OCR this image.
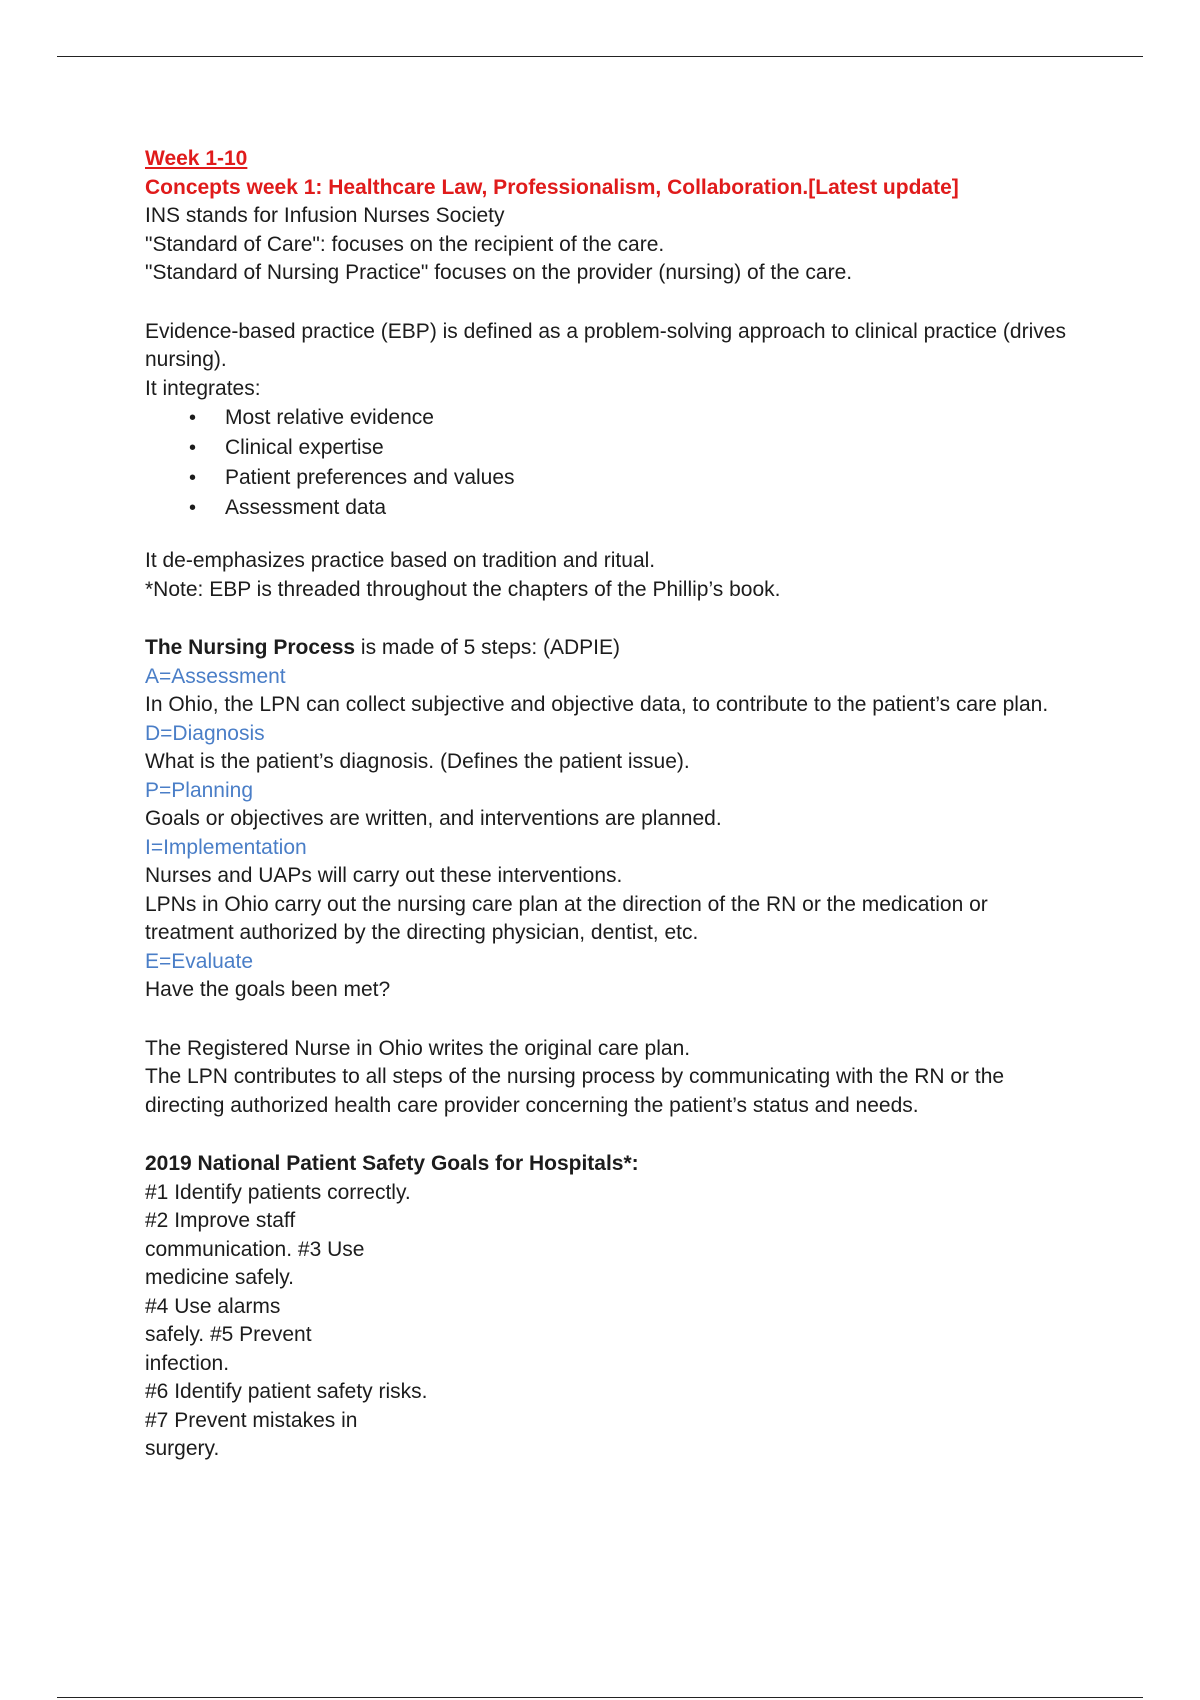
Week 1-10
Concepts week 1: Healthcare Law, Professionalism, Collaboration.[Latest update]
INS stands for Infusion Nurses Society
"Standard of Care": focuses on the recipient of the care.
"Standard of Nursing Practice" focuses on the provider (nursing) of the care.
Evidence-based practice (EBP) is defined as a problem-solving approach to clinical practice (drives nursing).
It integrates:
• Most relative evidence
• Clinical expertise
• Patient preferences and values
• Assessment data
It de-emphasizes practice based on tradition and ritual.
*Note: EBP is threaded throughout the chapters of the Phillip’s book.
The Nursing Process is made of 5 steps: (ADPIE)
A=Assessment
In Ohio, the LPN can collect subjective and objective data, to contribute to the patient’s care plan.
D=Diagnosis
What is the patient’s diagnosis. (Defines the patient issue).
P=Planning
Goals or objectives are written, and interventions are planned.
I=Implementation
Nurses and UAPs will carry out these interventions.
LPNs in Ohio carry out the nursing care plan at the direction of the RN or the medication or treatment authorized by the directing physician, dentist, etc.
E=Evaluate
Have the goals been met?
The Registered Nurse in Ohio writes the original care plan.
The LPN contributes to all steps of the nursing process by communicating with the RN or the directing authorized health care provider concerning the patient’s status and needs.
2019 National Patient Safety Goals for Hospitals*:
#1 Identify patients correctly.
#2 Improve staff
communication. #3 Use
medicine safely.
#4 Use alarms
safely. #5 Prevent
infection.
#6 Identify patient safety risks.
#7 Prevent mistakes in
surgery.
